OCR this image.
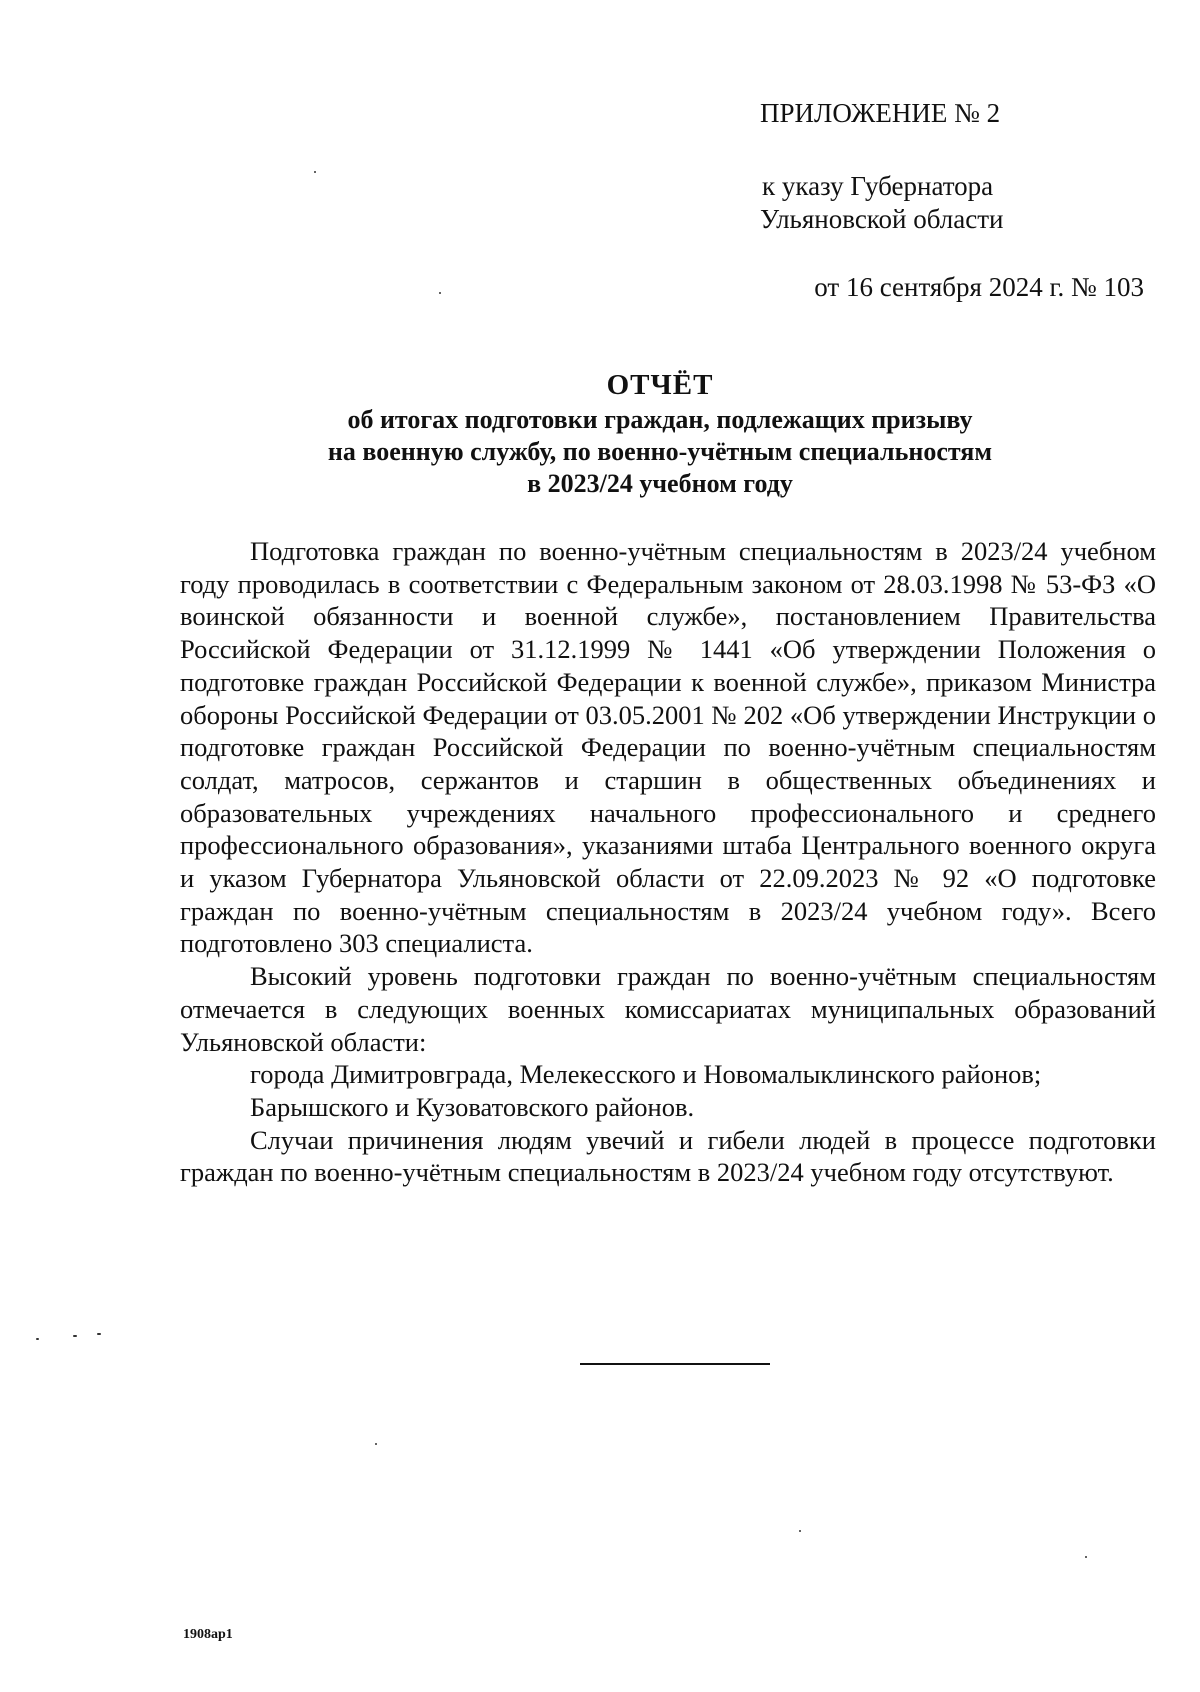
ПРИЛОЖЕНИЕ № 2
к указу Губернатора
Ульяновской области
от 16 сентября 2024 г. № 103
ОТЧЁТ
об итогах подготовки граждан, подлежащих призыву
на военную службу, по военно-учётным специальностям
в 2023/24 учебном году

Подготовка граждан по военно-учётным специальностям в 2023/24 учебном году проводилась в соответствии с Федеральным законом от 28.03.1998 № 53-ФЗ «О воинской обязанности и военной службе», постановлением Правительства Российской Федерации от 31.12.1999 № 1441 «Об утверждении Положения о подготовке граждан Российской Федерации к военной службе», приказом Министра обороны Российской Федерации от 03.05.2001 № 202 «Об утверждении Инструкции о подготовке граждан Российской Федерации по военно-учётным специальностям солдат, матросов, сержантов и старшин в общественных объединениях и образовательных учреждениях начального профессионального и среднего профессионального образования», указаниями штаба Центрального военного округа и указом Губернатора Ульяновской области от 22.09.2023 № 92 «О подготовке граждан по военно-учётным специальностям в 2023/24 учебном году». Всего подготовлено 303 специалиста.

Высокий уровень подготовки граждан по военно-учётным специальностям отмечается в следующих военных комиссариатах муниципальных образований Ульяновской области:

города Димитровграда, Мелекесского и Новомалыклинского районов;

Барышского и Кузоватовского районов.

Случаи причинения людям увечий и гибели людей в процессе подготовки граждан по военно-учётным специальностям в 2023/24 учебном году отсутствуют.

1908ap1
